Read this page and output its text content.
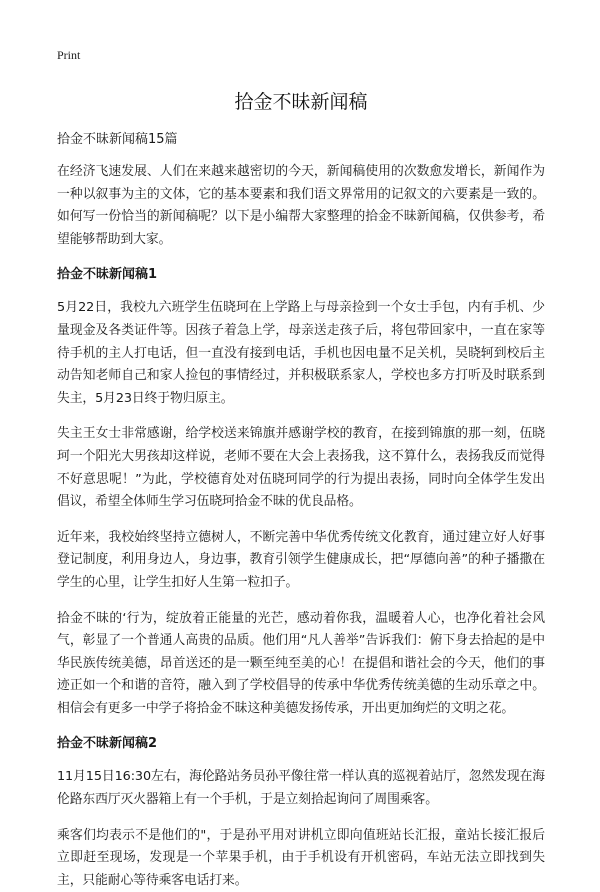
Print
拾金不昧新闻稿

拾金不昧新闻稿15篇

在经济飞速发展、人们在来越来越密切的今天，新闻稿使用的次数愈发增长，新闻作为一种以叙事为主的文体，它的基本要素和我们语文界常用的记叙文的六要素是一致的。如何写一份恰当的新闻稿呢？以下是小编帮大家整理的拾金不昧新闻稿，仅供参考，希望能够帮助到大家。

拾金不昧新闻稿1

5月22日，我校九六班学生伍晓珂在上学路上与母亲捡到一个女士手包，内有手机、少量现金及各类证件等。因孩子着急上学，母亲送走孩子后，将包带回家中，一直在家等待手机的主人打电话，但一直没有接到电话，手机也因电量不足关机，吴晓轲到校后主动告知老师自己和家人捡包的事情经过，并积极联系家人，学校也多方打听及时联系到失主，5月23日终于物归原主。

失主王女士非常感谢，给学校送来锦旗并感谢学校的教育，在接到锦旗的那一刻，伍晓珂一个阳光大男孩却这样说，老师不要在大会上表扬我，这不算什么，表扬我反而觉得不好意思呢！”为此，学校德育处对伍晓珂同学的行为提出表扬，同时向全体学生发出倡议，希望全体师生学习伍晓珂拾金不昧的优良品格。

近年来，我校始终坚持立德树人，不断完善中华优秀传统文化教育，通过建立好人好事登记制度，利用身边人，身边事，教育引领学生健康成长，把“厚德向善”的种子播撒在学生的心里，让学生扣好人生第一粒扣子。

拾金不昧的‘行为，绽放着正能量的光芒，感动着你我，温暖着人心，也净化着社会风气，彰显了一个普通人高贵的品质。他们用“凡人善举”告诉我们：俯下身去拾起的是中华民族传统美德，昂首送还的是一颗至纯至美的心！在提倡和谐社会的今天，他们的事迹正如一个和谐的音符，融入到了学校倡导的传承中华优秀传统美德的生动乐章之中。相信会有更多一中学子将拾金不昧这种美德发扬传承，开出更加绚烂的文明之花。

拾金不昧新闻稿2

11月15日16:30左右，海伦路站务员孙平像往常一样认真的巡视着站厅，忽然发现在海伦路东西厅灭火器箱上有一个手机，于是立刻拾起询问了周围乘客。

乘客们均表示不是他们的"，于是孙平用对讲机立即向值班站长汇报，童站长接汇报后立即赶至现场，发现是一个苹果手机，由于手机设有开机密码，车站无法立即找到失主，只能耐心等待乘客电话打来。
